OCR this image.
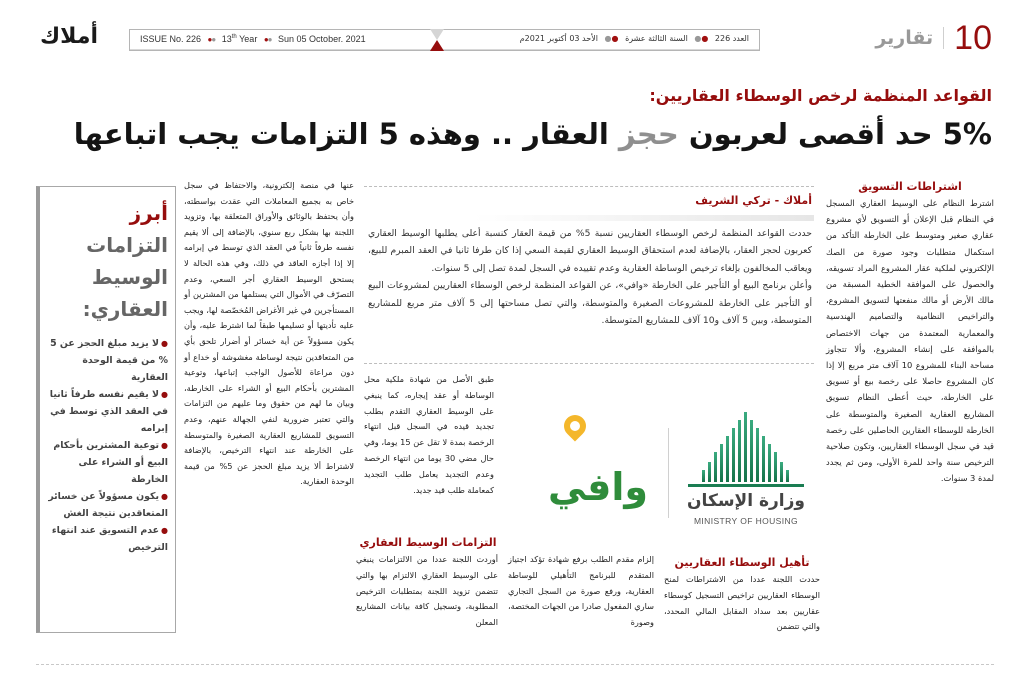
أملاك	ISSUE No. 226 ●● 13th Year ●● Sun 05 October. 2021	العدد 226 ●● السنة الثالثة عشرة ●● الأحد 03 أكتوبر 2021م	10
تقارير
القواعد المنظمة لرخص الوسطاء العقاريين:
5% حد أقصى لعربون حجز العقار .. وهذه 5 التزامات يجب اتباعها
اشتراطات التسويق

اشترط النظام على الوسيط العقاري المسجل في النظام قبل الإعلان أو التسويق لأي مشروع عقاري صغير ومتوسط على الخارطة التأكد من استكمال متطلبات وجود صورة من الصك الإلكتروني لملكية عقار المشروع المراد تسويقه، والحصول على الموافقة الخطية المسبقة من مالك الأرض أو مالك منفعتها لتسويق المشروع، والتراخيص النظامية والتصاميم الهندسية والمعمارية المعتمدة من جهات الاختصاص بالموافقة على إنشاء المشروع، وألا تتجاوز مساحة البناء للمشروع 10 آلاف متر مربع إلا إذا كان المشروع حاصلا على رخصة بيع أو تسويق على الخارطة، حيث أعطى النظام تسويق المشاريع العقارية الصغيرة والمتوسطة على الخارطة للوسطاء العقارين الحاصلين على رخصة قيد في سجل الوسطاء العقاريين، وتكون صلاحية الترخيص سنة واحد للمرة الأولى، ومن ثم يجدد لمدة 3 سنوات.

أملاك - تركي الشريف

حددت القواعد المنظمة لرخص الوسطاء العقاريين نسبة 5% من قيمة العقار كنسبة أعلى يطلبها الوسيط العقاري كعربون لحجز العقار، بالإضافة لعدم استحقاق الوسيط العقاري لقيمة السعي إذا كان طرفا ثانيا في العقد المبرم للبيع، ويعاقب المخالفون بإلغاء ترخيص الوساطة العقارية وعدم تقييده في السجل لمدة تصل إلى 5 سنوات.

وأعلن برنامج البيع أو التأجير على الخارطة «وافي»، عن القواعد المنظمة لرخص الوسطاء العقاريين لمشروعات البيع أو التأجير على الخارطة للمشروعات الصغيرة والمتوسطة، والتي تصل مساحتها إلى 5 آلاف متر مربع للمشاريع المتوسطة، وبين 5 آلاف و10 آلاف للمشاريع المتوسطة.

وافي وزارة الإسكان
MINISTRY OF HOUSING

طبق الأصل من شهادة ملكية محل الوساطة أو عقد إيجاره، كما ينبغي على الوسيط العقاري التقدم بطلب تجديد قيده في السجل قبل انتهاء الرخصة بمدة لا تقل عن 15 يوما، وفي حال مضي 30 يوما من انتهاء الرخصة وعدم التجديد يعامل طلب التجديد كمعاملة طلب قيد جديد.

التزامات الوسيط العقاري

أوردت اللجنة عددا من الالتزامات ينبغي على الوسيط العقاري الالتزام بها والتي تتضمن تزويد اللجنة بمتطلبات الترخيص المطلوبة، وتسجيل كافة بيانات المشاريع المعلن

إلزام مقدم الطلب برفع شهادة تؤكد اجتياز المتقدم للبرنامج التأهيلي للوساطة العقارية، ورفع صورة من السجل التجاري ساري المفعول صادرا من الجهات المختصة، وصورة

تأهيل الوسطاء العقاريين

حددت اللجنة عددا من الاشتراطات لمنح الوسطاء العقاريين تراخيص التسجيل كوسطاء عقاريين بعد سداد المقابل المالي المحدد، والتي تتضمن

عنها في منصة إلكترونية، والاحتفاظ في سجل خاص به بجميع المعاملات التي عقدت بواسطته، وأن يحتفظ بالوثائق والأوراق المتعلقة بها، وتزويد اللجنة بها بشكل ربع سنوي، بالإضافة إلى ألا يقيم نفسه طرفاً ثانياً في العقد الذي توسط في إبرامه إلا إذا أجازه العاقد في ذلك، وفي هذه الحالة لا يستحق الوسيط العقاري أجر السعي، وعدم التصرّف في الأموال التي يستلمها من المشترين أو المستأجرين في غير الأغراض المُخصّصة لها، ويجب عليه تأديتها أو تسليمها طبقاً لما اشترط عليه، وأن يكون مسؤولاً عن أية خسائر أو أضرار تلحق بأي من المتعاقدين نتيجة لوساطة مغشوشة أو خداع أو دون مراعاة للأصول الواجب إتباعها، وتوعية المشترين بأحكام البيع أو الشراء على الخارطة، وبيان ما لهم من حقوق وما عليهم من التزامات والتي تعتبر ضرورية لنفي الجهالة عنهم، وعدم التسويق للمشاريع العقارية الصغيرة والمتوسطة على الخارطة عند انتهاء الترخيص، بالإضافة لاشتراط ألا يزيد مبلغ الحجز عن 5% من قيمة الوحدة العقارية.

أبرز
التزامات
الوسيط
العقاري:
●لا يزيد مبلغ الحجز عن 5 % من قيمة الوحدة العقارية
●لا يقيم نفسه طرفاً ثانيا في العقد الذي توسط في إبرامه
●توعية المشترين بأحكام البيع أو الشراء على الخارطة
●يكون مسؤولاً عن خسائر المتعاقدين نتيجة الغش
●عدم التسويق عند انتهاء الترخيص
